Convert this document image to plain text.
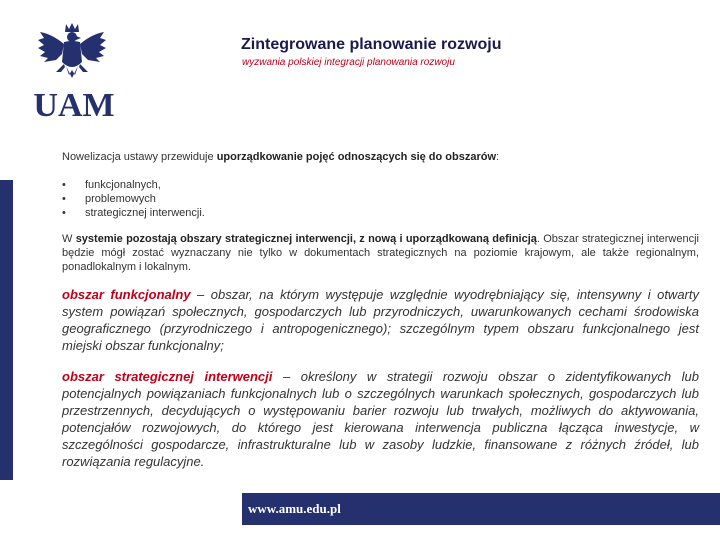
UAM
Zintegrowane planowanie rozwoju
wyzwania polskiej integracji planowania rozwoju

Nowelizacja ustawy przewiduje uporządkowanie pojęć odnoszących się do obszarów:

• funkcjonalnych,
• problemowych
• strategicznej interwencji.

W systemie pozostają obszary strategicznej interwencji, z nową i uporządkowaną definicją. Obszar strategicznej interwencji będzie mógł zostać wyznaczany nie tylko w dokumentach strategicznych na poziomie krajowym, ale także regionalnym, ponadlokalnym i lokalnym.

obszar funkcjonalny – obszar, na którym występuje względnie wyodrębniający się, intensywny i otwarty system powiązań społecznych, gospodarczych lub przyrodniczych, uwarunkowanych cechami środowiska geograficznego (przyrodniczego i antropogenicznego); szczególnym typem obszaru funkcjonalnego jest miejski obszar funkcjonalny;

obszar strategicznej interwencji – określony w strategii rozwoju obszar o zidentyfikowanych lub potencjalnych powiązaniach funkcjonalnych lub o szczególnych warunkach społecznych, gospodarczych lub przestrzennych, decydujących o występowaniu barier rozwoju lub trwałych, możliwych do aktywowania, potencjałów rozwojowych, do którego jest kierowana interwencja publiczna łącząca inwestycje, w szczególności gospodarcze, infrastrukturalne lub w zasoby ludzkie, finansowane z różnych źródeł, lub rozwiązania regulacyjne.

www.amu.edu.pl
